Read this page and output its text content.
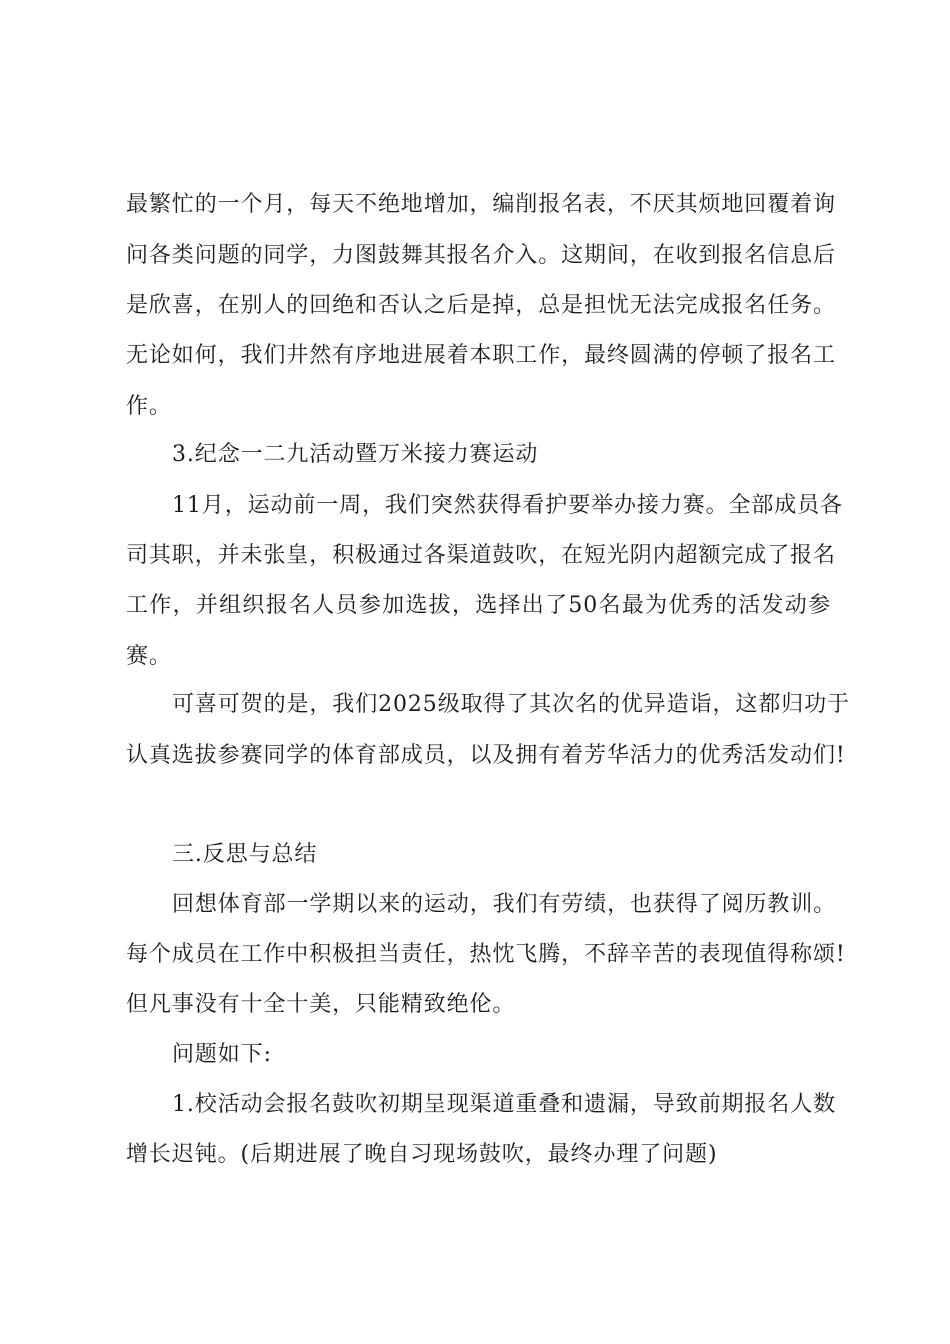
最繁忙的一个月，每天不绝地增加，编削报名表，不厌其烦地回覆着询
问各类问题的同学，力图鼓舞其报名介入。这期间，在收到报名信息后
是欣喜，在别人的回绝和否认之后是掉，总是担忧无法完成报名任务。
无论如何，我们井然有序地进展着本职工作，最终圆满的停顿了报名工
作。
3.纪念一二九活动暨万米接力赛运动
11月，运动前一周，我们突然获得看护要举办接力赛。全部成员各
司其职，并未张皇，积极通过各渠道鼓吹，在短光阴内超额完成了报名
工作，并组织报名人员参加选拔，选择出了50名最为优秀的活发动参
赛。
可喜可贺的是，我们2025级取得了其次名的优异造诣，这都归功于
认真选拔参赛同学的体育部成员，以及拥有着芳华活力的优秀活发动们!
三.反思与总结
回想体育部一学期以来的运动，我们有劳绩，也获得了阅历教训。
每个成员在工作中积极担当责任，热忱飞腾，不辞辛苦的表现值得称颂!
但凡事没有十全十美，只能精致绝伦。
问题如下:
1.校活动会报名鼓吹初期呈现渠道重叠和遗漏，导致前期报名人数
增长迟钝。(后期进展了晚自习现场鼓吹，最终办理了问题)
